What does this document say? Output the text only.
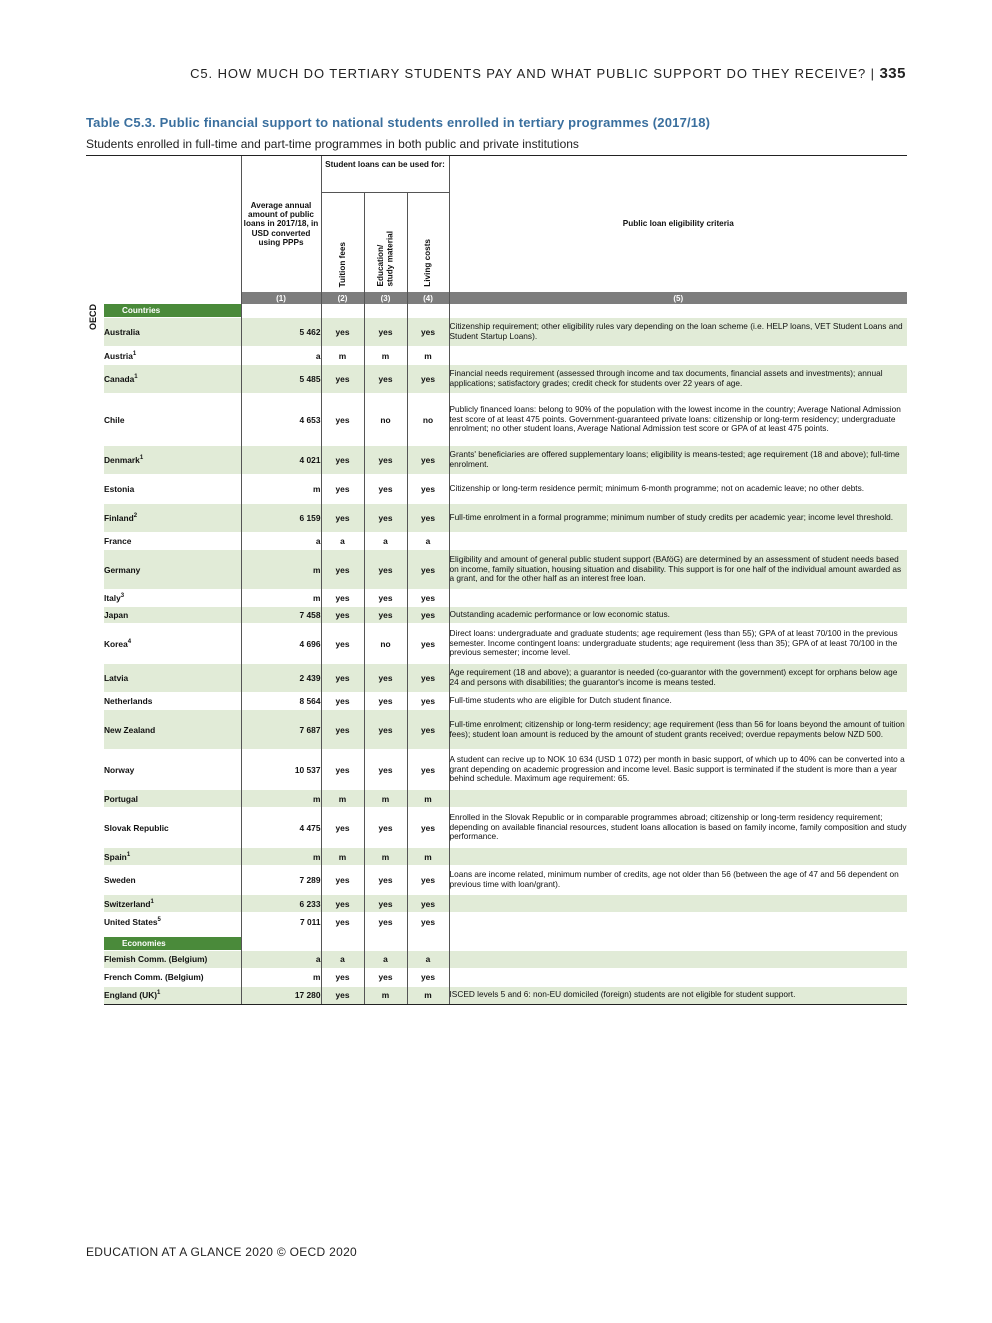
C5. HOW MUCH DO TERTIARY STUDENTS PAY AND WHAT PUBLIC SUPPORT DO THEY RECEIVE? | 335
Table C5.3. Public financial support to national students enrolled in tertiary programmes (2017/18)
Students enrolled in full-time and part-time programmes in both public and private institutions
		Average annual amount of public loans in 2017/18, in USD converted using PPPs	Student loans can be used for:			Public loan eligibility criteria
			Tuition fees	Education/
study material	Living costs	
		(1)	(2)	(3)	(4)	(5)
OECD	Countries					
	Australia	5 462	yes	yes	yes	Citizenship requirement; other eligibility rules vary depending on the loan scheme (i.e. HELP loans, VET Student Loans and Student Startup Loans).
	Austria$^1$	a	m	m	m	
	Canada$^1$	5 485	yes	yes	yes	Financial needs requirement (assessed through income and tax documents, financial assets and investments); annual applications; satisfactory grades; credit check for students over 22 years of age.
	Chile	4 653	yes	no	no	Publicly financed loans: belong to 90% of the population with the lowest income in the country; Average National Admission test score of at least 475 points. Government-guaranteed private loans: citizenship or long-term residency; undergraduate enrolment; no other student loans, Average National Admission test score or GPA of at least 475 points.
	Denmark$^1$	4 021	yes	yes	yes	Grants' beneficiaries are offered supplementary loans; eligibility is means-tested; age requirement (18 and above); full-time enrolment.
	Estonia	m	yes	yes	yes	Citizenship or long-term residence permit; minimum 6-month programme; not on academic leave; no other debts.
	Finland$^2$	6 159	yes	yes	yes	Full-time enrolment in a formal programme; minimum number of study credits per academic year; income level threshold.
	France	a	a	a	a	
	Germany	m	yes	yes	yes	Eligibility and amount of general public student support (BAföG) are determined by an assessment of student needs based on income, family situation, housing situation and disability. This support is for one half of the individual amount awarded as a grant, and for the other half as an interest free loan.
	Italy$^3$	m	yes	yes	yes	
	Japan	7 458	yes	yes	yes	Outstanding academic performance or low economic status.
	Korea$^4$	4 696	yes	no	yes	Direct loans: undergraduate and graduate students; age requirement (less than 55); GPA of at least 70/100 in the previous semester. Income contingent loans: undergraduate students; age requirement (less than 35); GPA of at least 70/100 in the previous semester; income level.
	Latvia	2 439	yes	yes	yes	Age requirement (18 and above); a guarantor is needed (co-guarantor with the government) except for orphans below age 24 and persons with disabilities; the guarantor's income is means tested.
	Netherlands	8 564	yes	yes	yes	Full-time students who are eligible for Dutch student finance.
	New Zealand	7 687	yes	yes	yes	Full-time enrolment; citizenship or long-term residency; age requirement (less than 56 for loans beyond the amount of tuition fees); student loan amount is reduced by the amount of student grants received; overdue repayments below NZD 500.
	Norway	10 537	yes	yes	yes	A student can recive up to NOK 10 634 (USD 1 072) per month in basic support, of which up to 40% can be converted into a grant depending on academic progression and income level. Basic support is terminated if the student is more than a year behind schedule. Maximum age requirement: 65.
	Portugal	m	m	m	m	
	Slovak Republic	4 475	yes	yes	yes	Enrolled in the Slovak Republic or in comparable programmes abroad; citizenship or long-term residency requirement; depending on available financial resources, student loans allocation is based on family income, family composition and study performance.
	Spain$^1$	m	m	m	m	
	Sweden	7 289	yes	yes	yes	Loans are income related, minimum number of credits, age not older than 56 (between the age of 47 and 56 dependent on previous time with loan/grant).
	Switzerland$^1$	6 233	yes	yes	yes	
	United States$^5$	7 011	yes	yes	yes	

	Economies					
	Flemish Comm. (Belgium)	a	a	a	a	
	French Comm. (Belgium)	m	yes	yes	yes	
	England (UK)$^1$	17 280	yes	m	m	ISCED levels 5 and 6: non-EU domiciled (foreign) students are not eligible for student support.
EDUCATION AT A GLANCE 2020 © OECD 2020
